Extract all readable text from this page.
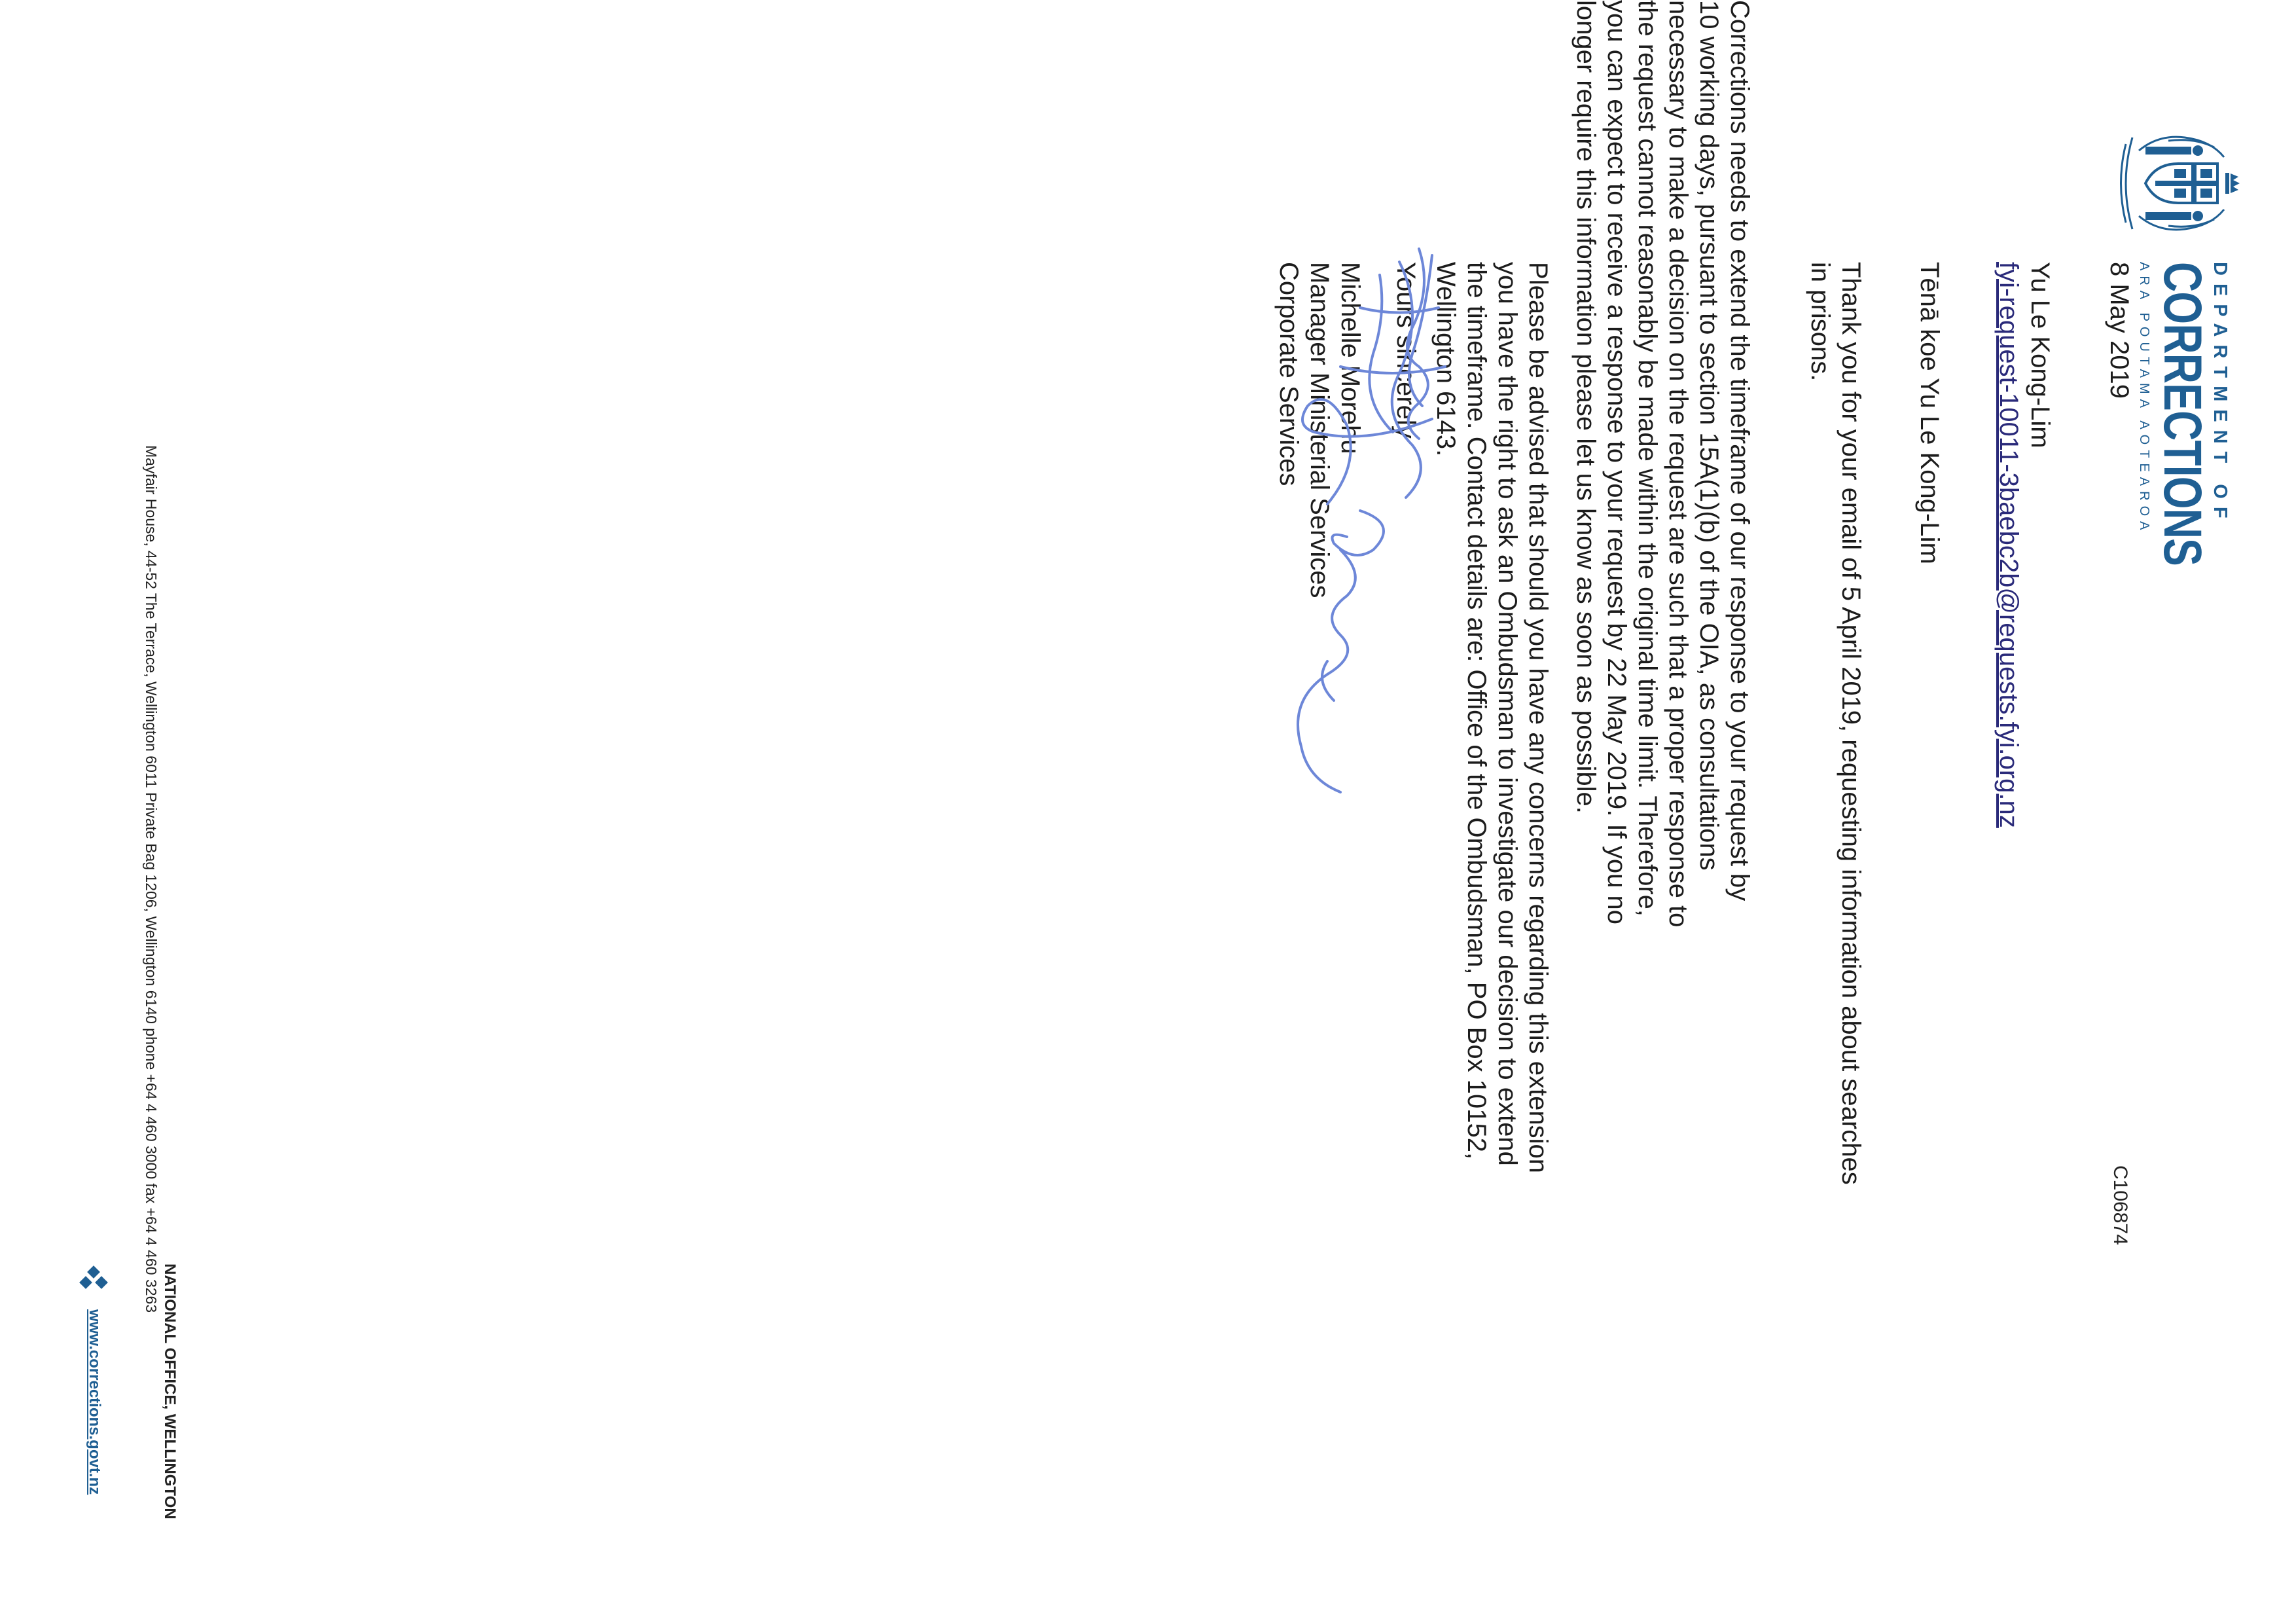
DEPARTMENT OF
CORRECTIONS
ARA POUTAMA AOTEAROA
C106874
8 May 2019
Yu Le Kong-Lim
fyi-request-10011-3baebc2b@requests.fyi.org.nz
Tēnā koe Yu Le Kong-Lim
Thank you for your email of 5 April 2019, requesting information about searches
in prisons.
Corrections needs to extend the timeframe of our response to your request by
10 working days, pursuant to section 15A(1)(b) of the OIA, as consultations
necessary to make a decision on the request are such that a proper response to
the request cannot reasonably be made within the original time limit. Therefore,
you can expect to receive a response to your request by 22 May 2019. If you no
longer require this information please let us know as soon as possible.
Please be advised that should you have any concerns regarding this extension
you have the right to ask an Ombudsman to investigate our decision to extend
the timeframe. Contact details are: Office of the Ombudsman, PO Box 10152,
Wellington 6143.
Yours sincerely
Michelle Morehu
Manager Ministerial Services
Corporate Services
NATIONAL OFFICE, WELLINGTON
Mayfair House, 44-52 The Terrace, Wellington 6011 Private Bag 1206, Wellington 6140 phone +64 4 460 3000 fax +64 4 460 3263
www.corrections.govt.nz
